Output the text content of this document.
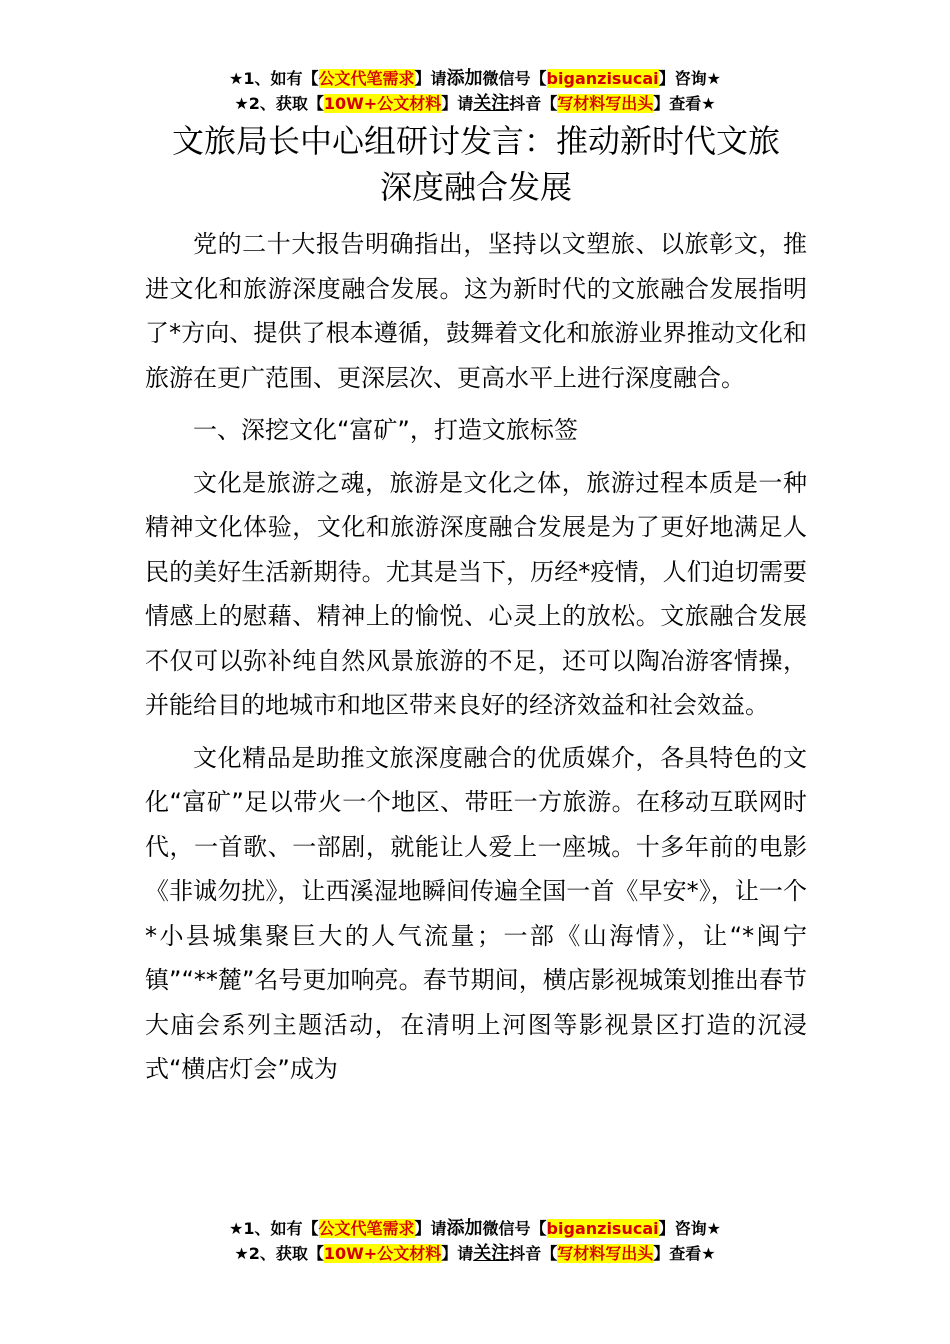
★1、如有【公文代笔需求】请添加微信号【biganzisucai】咨询★
★2、获取【10W+公文材料】请关注抖音【写材料写出头】查看★
文旅局长中心组研讨发言：推动新时代文旅
深度融合发展

党的二十大报告明确指出，坚持以文塑旅、以旅彰文，推进文化和旅游深度融合发展。这为新时代的文旅融合发展指明了*方向、提供了根本遵循，鼓舞着文化和旅游业界推动文化和旅游在更广范围、更深层次、更高水平上进行深度融合。

一、深挖文化“富矿”，打造文旅标签

文化是旅游之魂，旅游是文化之体，旅游过程本质是一种精神文化体验，文化和旅游深度融合发展是为了更好地满足人民的美好生活新期待。尤其是当下，历经*疫情，人们迫切需要情感上的慰藉、精神上的愉悦、心灵上的放松。文旅融合发展不仅可以弥补纯自然风景旅游的不足，还可以陶冶游客情操，并能给目的地城市和地区带来良好的经济效益和社会效益。

文化精品是助推文旅深度融合的优质媒介，各具特色的文化“富矿”足以带火一个地区、带旺一方旅游。在移动互联网时代，一首歌、一部剧，就能让人爱上一座城。十多年前的电影《非诚勿扰》，让西溪湿地瞬间传遍全国一首《早安*》，让一个*小县城集聚巨大的人气流量；一部《山海情》，让“*闽宁镇”“**麓”名号更加响亮。春节期间，横店影视城策划推出春节大庙会系列主题活动，在清明上河图等影视景区打造的沉浸式“横店灯会”成为

★1、如有【公文代笔需求】请添加微信号【biganzisucai】咨询★
★2、获取【10W+公文材料】请关注抖音【写材料写出头】查看★
